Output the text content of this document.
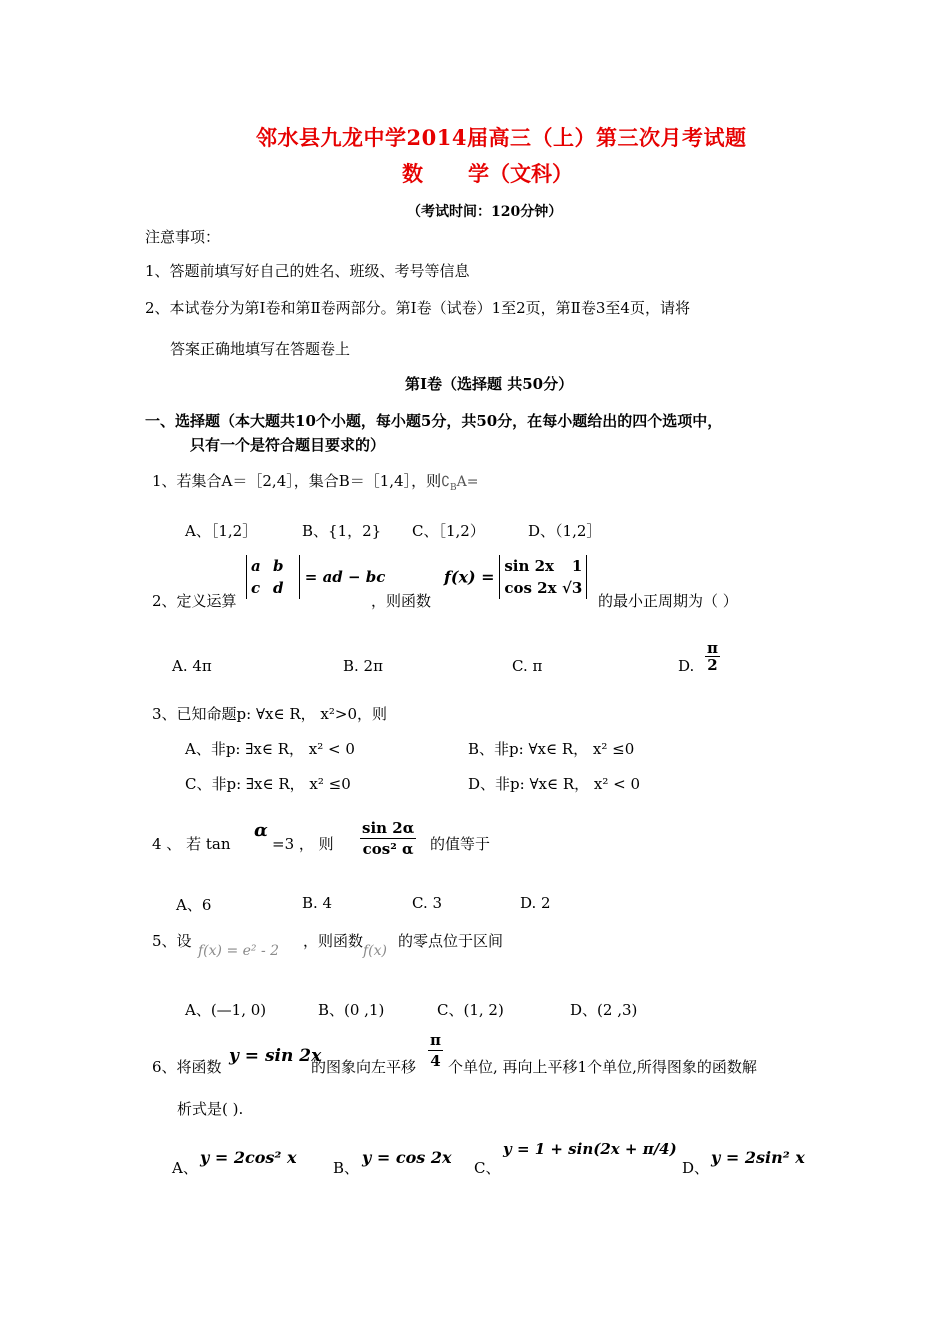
邻水县九龙中学2014届高三（上）第三次月考试题
数 学（文科）
（考试时间：120分钟）
注意事项：
1、答题前填写好自己的姓名、班级、考号等信息
2、本试卷分为第Ⅰ卷和第Ⅱ卷两部分。第Ⅰ卷（试卷）1至2页，第Ⅱ卷3至4页，请将
答案正确地填写在答题卷上
第Ⅰ卷（选择题 共50分）
一、选择题（本大题共10个小题，每小题5分，共50分，在每小题给出的四个选项中，
只有一个是符合题目要求的）
1、若集合A＝［2,4］，集合B＝［1,4］，则$∁_BA=$
A、［1,2］	B、{1，2} C、［1,2）	D、（1,2］
2、定义运算
a b
c d = ad − bc
，则函数
f(x) = sin 2x 1
cos 2x √3
的最小正周期为（ ）
A. 4π	B. 2π	C. π	D. $\frac{\pi}{2}$
3、已知命题p: ∀x∈ R， x²>0，则
A、非p: ∃x∈ R， x² < 0	B、非p: ∀x∈ R， x² ≤0
C、非p: ∃x∈ R， x² ≤0	D、非p: ∀x∈ R， x² < 0
4 、 若 tan
α
=3 ， 则 $\frac{\sin 2\alpha}{\text{cos² α}}$ 的值等于
A、6	B. 4	C. 3	D. 2
5、设
f(x) = e² - 2
，则函数
f(x)
的零点位于区间
A、(—1, 0)	B、(0 ,1)	C、(1, 2)	D、(2 ,3)
6、将函数
y = sin 2x
的图象向左平移 $\frac{\pi}{4}$ 个单位, 再向上平移1个单位,所得图象的函数解
析式是( ).
A、
y = 2cos² x
B、
y = cos 2x
C、
y = 1 + sin(2x + π/4)
D、
y = 2sin² x
